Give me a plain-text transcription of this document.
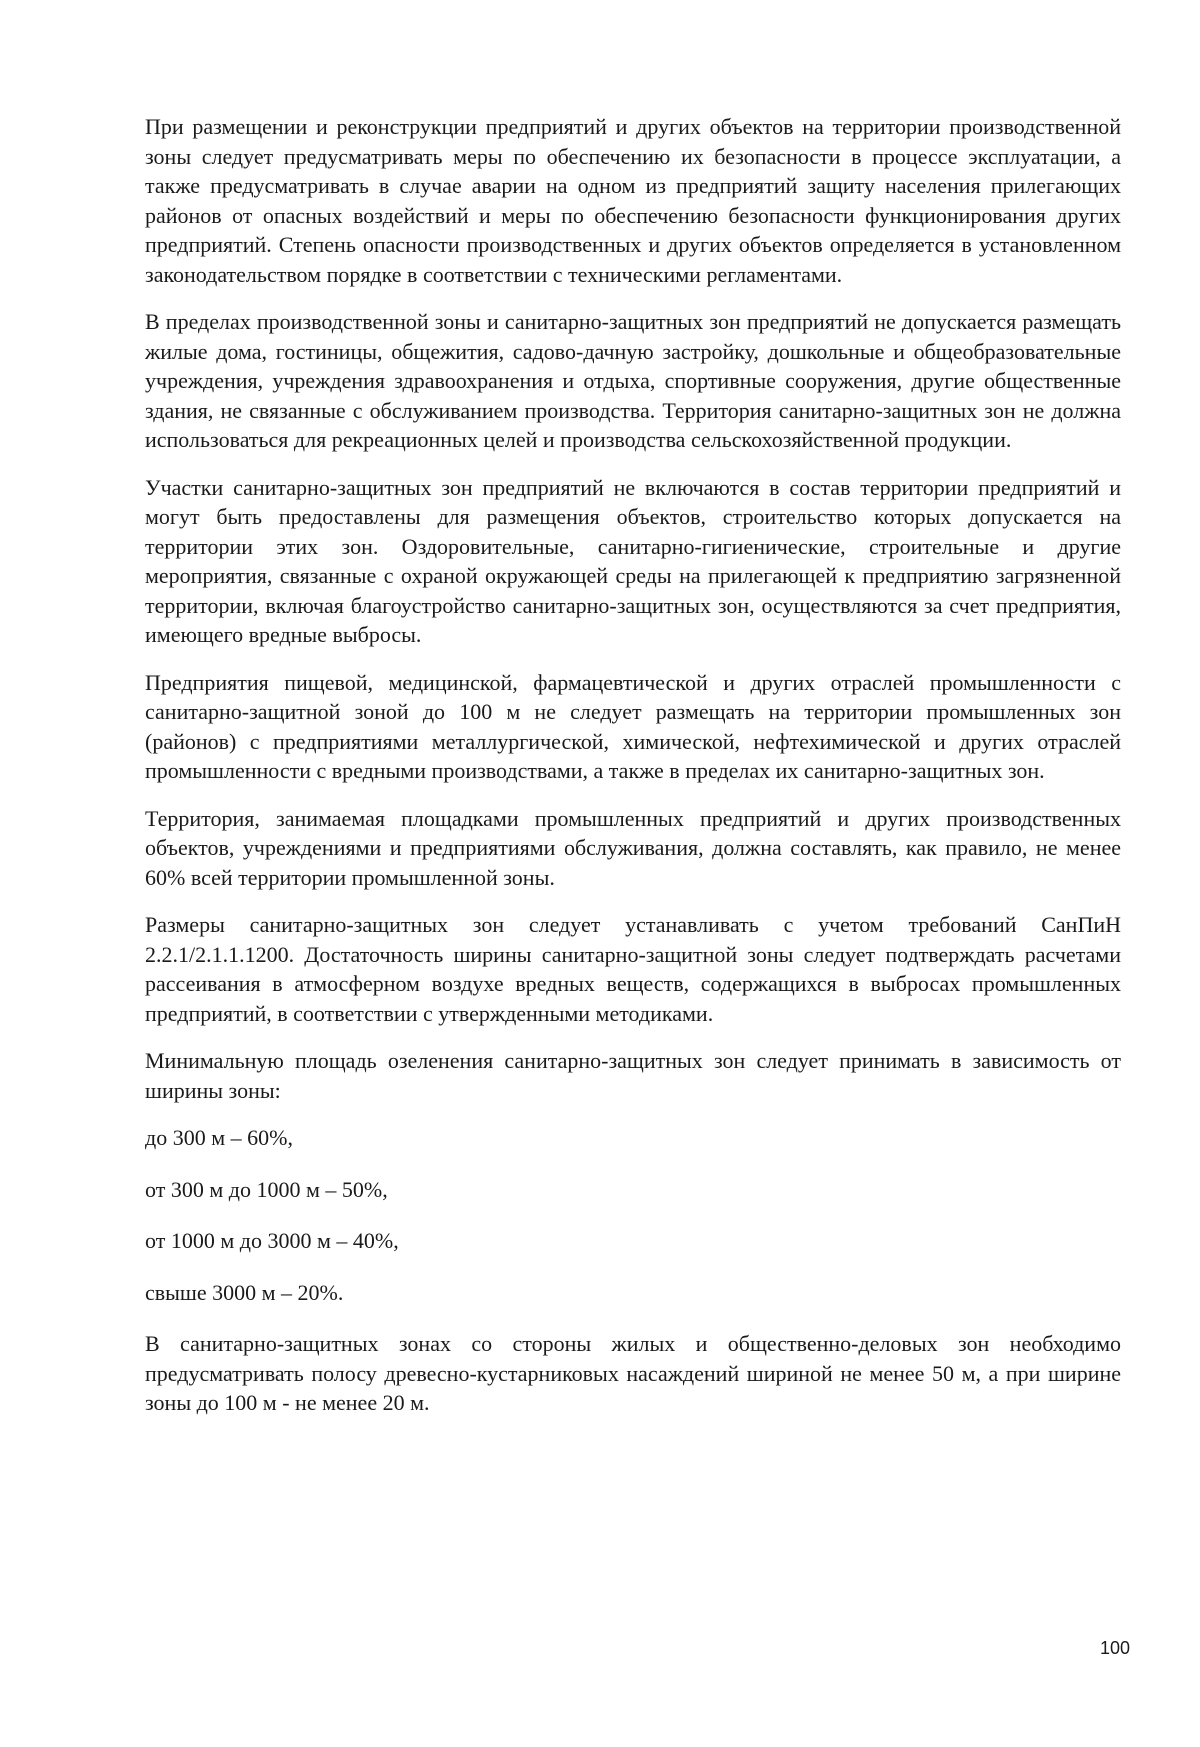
При размещении и реконструкции предприятий и других объектов на территории производственной зоны следует предусматривать меры по обеспечению их безопасности в процессе эксплуатации, а также предусматривать в случае аварии на одном из предприятий защиту населения прилегающих районов от опасных воздействий и меры по обеспечению безопасности функционирования других предприятий. Степень опасности производственных и других объектов определяется в установленном законодательством порядке в соответствии с техническими регламентами.

В пределах производственной зоны и санитарно-защитных зон предприятий не допускается размещать жилые дома, гостиницы, общежития, садово-дачную застройку, дошкольные и общеобразовательные учреждения, учреждения здравоохранения и отдыха, спортивные сооружения, другие общественные здания, не связанные с обслуживанием производства. Территория санитарно-защитных зон не должна использоваться для рекреационных целей и производства сельскохозяйственной продукции.

Участки санитарно-защитных зон предприятий не включаются в состав территории предприятий и могут быть предоставлены для размещения объектов, строительство которых допускается на территории этих зон. Оздоровительные, санитарно-гигиенические, строительные и другие мероприятия, связанные с охраной окружающей среды на прилегающей к предприятию загрязненной территории, включая благоустройство санитарно-защитных зон, осуществляются за счет предприятия, имеющего вредные выбросы.

Предприятия пищевой, медицинской, фармацевтической и других отраслей промышленности с санитарно-защитной зоной до 100 м не следует размещать на территории промышленных зон (районов) с предприятиями металлургической, химической, нефтехимической и других отраслей промышленности с вредными производствами, а также в пределах их санитарно-защитных зон.

Территория, занимаемая площадками промышленных предприятий и других производственных объектов, учреждениями и предприятиями обслуживания, должна составлять, как правило, не менее 60% всей территории промышленной зоны.

Размеры санитарно-защитных зон следует устанавливать с учетом требований СанПиН 2.2.1/2.1.1.1200. Достаточность ширины санитарно-защитной зоны следует подтверждать расчетами рассеивания в атмосферном воздухе вредных веществ, содержащихся в выбросах промышленных предприятий, в соответствии с утвержденными методиками.

Минимальную площадь озеленения санитарно-защитных зон следует принимать в зависимость от ширины зоны:

до 300 м – 60%,

от 300 м до 1000 м – 50%,

от 1000 м до 3000 м – 40%,

свыше 3000 м – 20%.

В санитарно-защитных зонах со стороны жилых и общественно-деловых зон необходимо предусматривать полосу древесно-кустарниковых насаждений шириной не менее 50 м, а при ширине зоны до 100 м - не менее 20 м.

100
